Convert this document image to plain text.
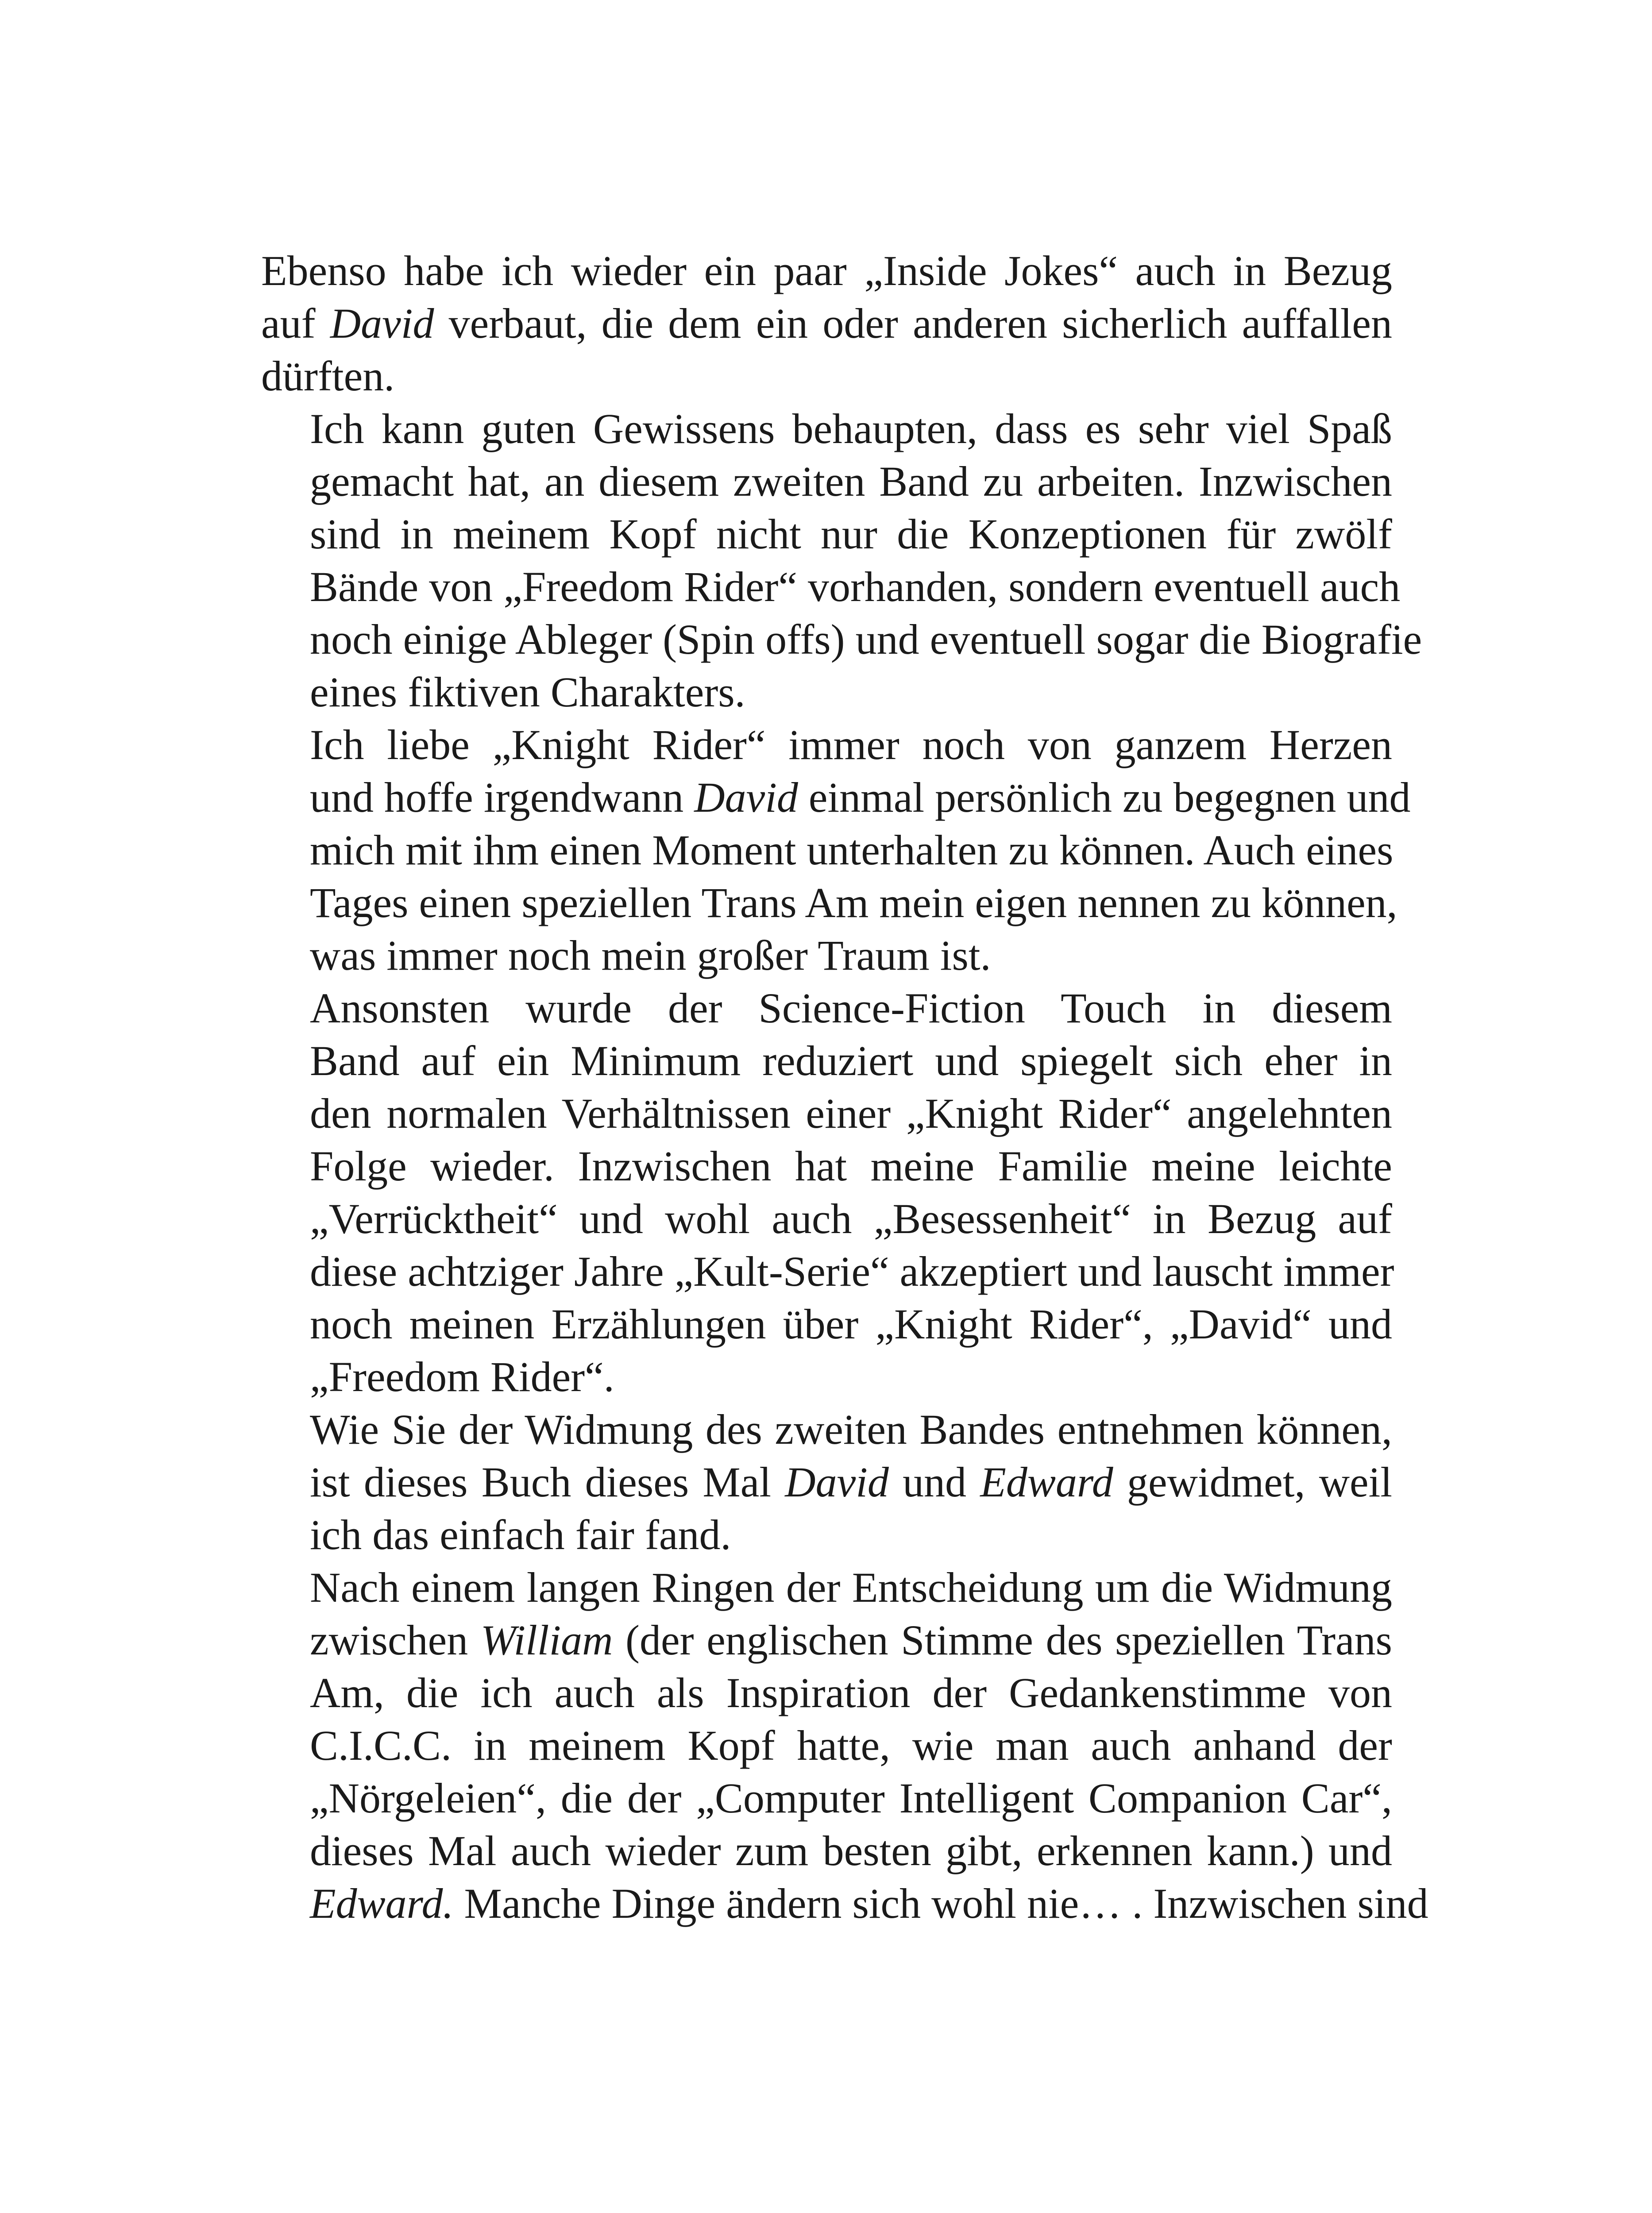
Ebenso habe ich wieder ein paar „Inside Jokes“ auch in Bezug
auf David verbaut, die dem ein oder anderen sicherlich auffallen
dürften.
Ich kann guten Gewissens behaupten, dass es sehr viel Spaß
gemacht hat, an diesem zweiten Band zu arbeiten. Inzwischen
sind in meinem Kopf nicht nur die Konzeptionen für zwölf
Bände von „Freedom Rider“ vorhanden, sondern eventuell auch
noch einige Ableger (Spin offs) und eventuell sogar die Biografie
eines fiktiven Charakters.
Ich liebe „Knight Rider“ immer noch von ganzem Herzen
und hoffe irgendwann David einmal persönlich zu begegnen und
mich mit ihm einen Moment unterhalten zu können. Auch eines
Tages einen speziellen Trans Am mein eigen nennen zu können,
was immer noch mein großer Traum ist.
Ansonsten wurde der Science-Fiction Touch in diesem
Band auf ein Minimum reduziert und spiegelt sich eher in
den normalen Verhältnissen einer „Knight Rider“ angelehnten
Folge wieder. Inzwischen hat meine Familie meine leichte
„Verrücktheit“ und wohl auch „Besessenheit“ in Bezug auf
diese achtziger Jahre „Kult-Serie“ akzeptiert und lauscht immer
noch meinen Erzählungen über „Knight Rider“, „David“ und
„Freedom Rider“.
Wie Sie der Widmung des zweiten Bandes entnehmen können,
ist dieses Buch dieses Mal David und Edward gewidmet, weil
ich das einfach fair fand.
Nach einem langen Ringen der Entscheidung um die Widmung
zwischen William (der englischen Stimme des speziellen Trans
Am, die ich auch als Inspiration der Gedankenstimme von
C.I.C.C. in meinem Kopf hatte, wie man auch anhand der
„Nörgeleien“, die der „Computer Intelligent Companion Car“,
dieses Mal auch wieder zum besten gibt, erkennen kann.) und
Edward. Manche Dinge ändern sich wohl nie… . Inzwischen sind
